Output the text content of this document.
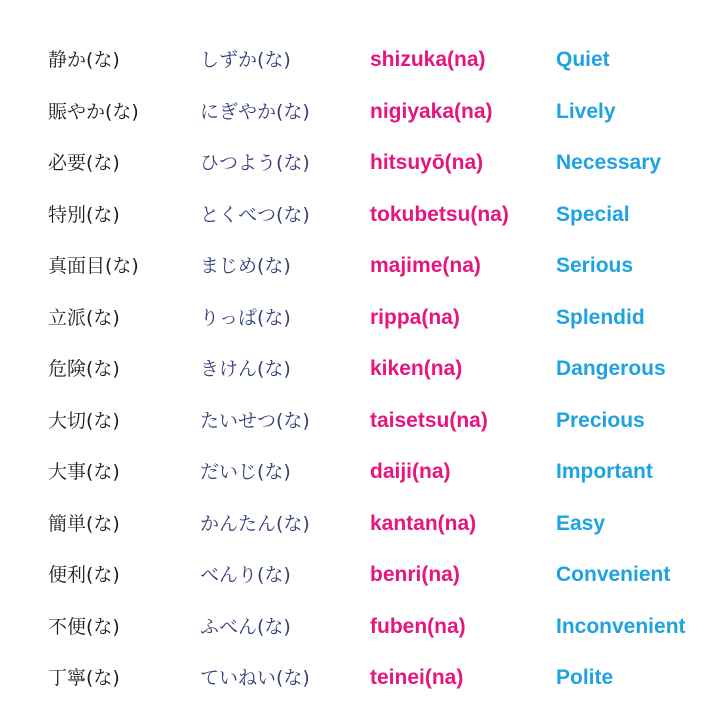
静か(な)	しずか(な)	shizuka(na)	Quiet
賑やか(な)	にぎやか(な)	nigiyaka(na)	Lively
必要(な)	ひつよう(な)	hitsuyō(na)	Necessary
特別(な)	とくべつ(な)	tokubetsu(na) Special
真面目(な)	まじめ(な)	majime(na)	Serious
立派(な)	りっぱ(な)	rippa(na)	Splendid
危険(な)	きけん(な)	kiken(na)	Dangerous
大切(な)	たいせつ(な)	taisetsu(na)	Precious
大事(な)	だいじ(な)	daiji(na)	Important
簡単(な)	かんたん(な)	kantan(na)	Easy
便利(な)	べんり(な)	benri(na)	Convenient
不便(な)	ふべん(な)	fuben(na)	Inconvenient
丁寧(な)	ていねい(な)	teinei(na)	Polite
